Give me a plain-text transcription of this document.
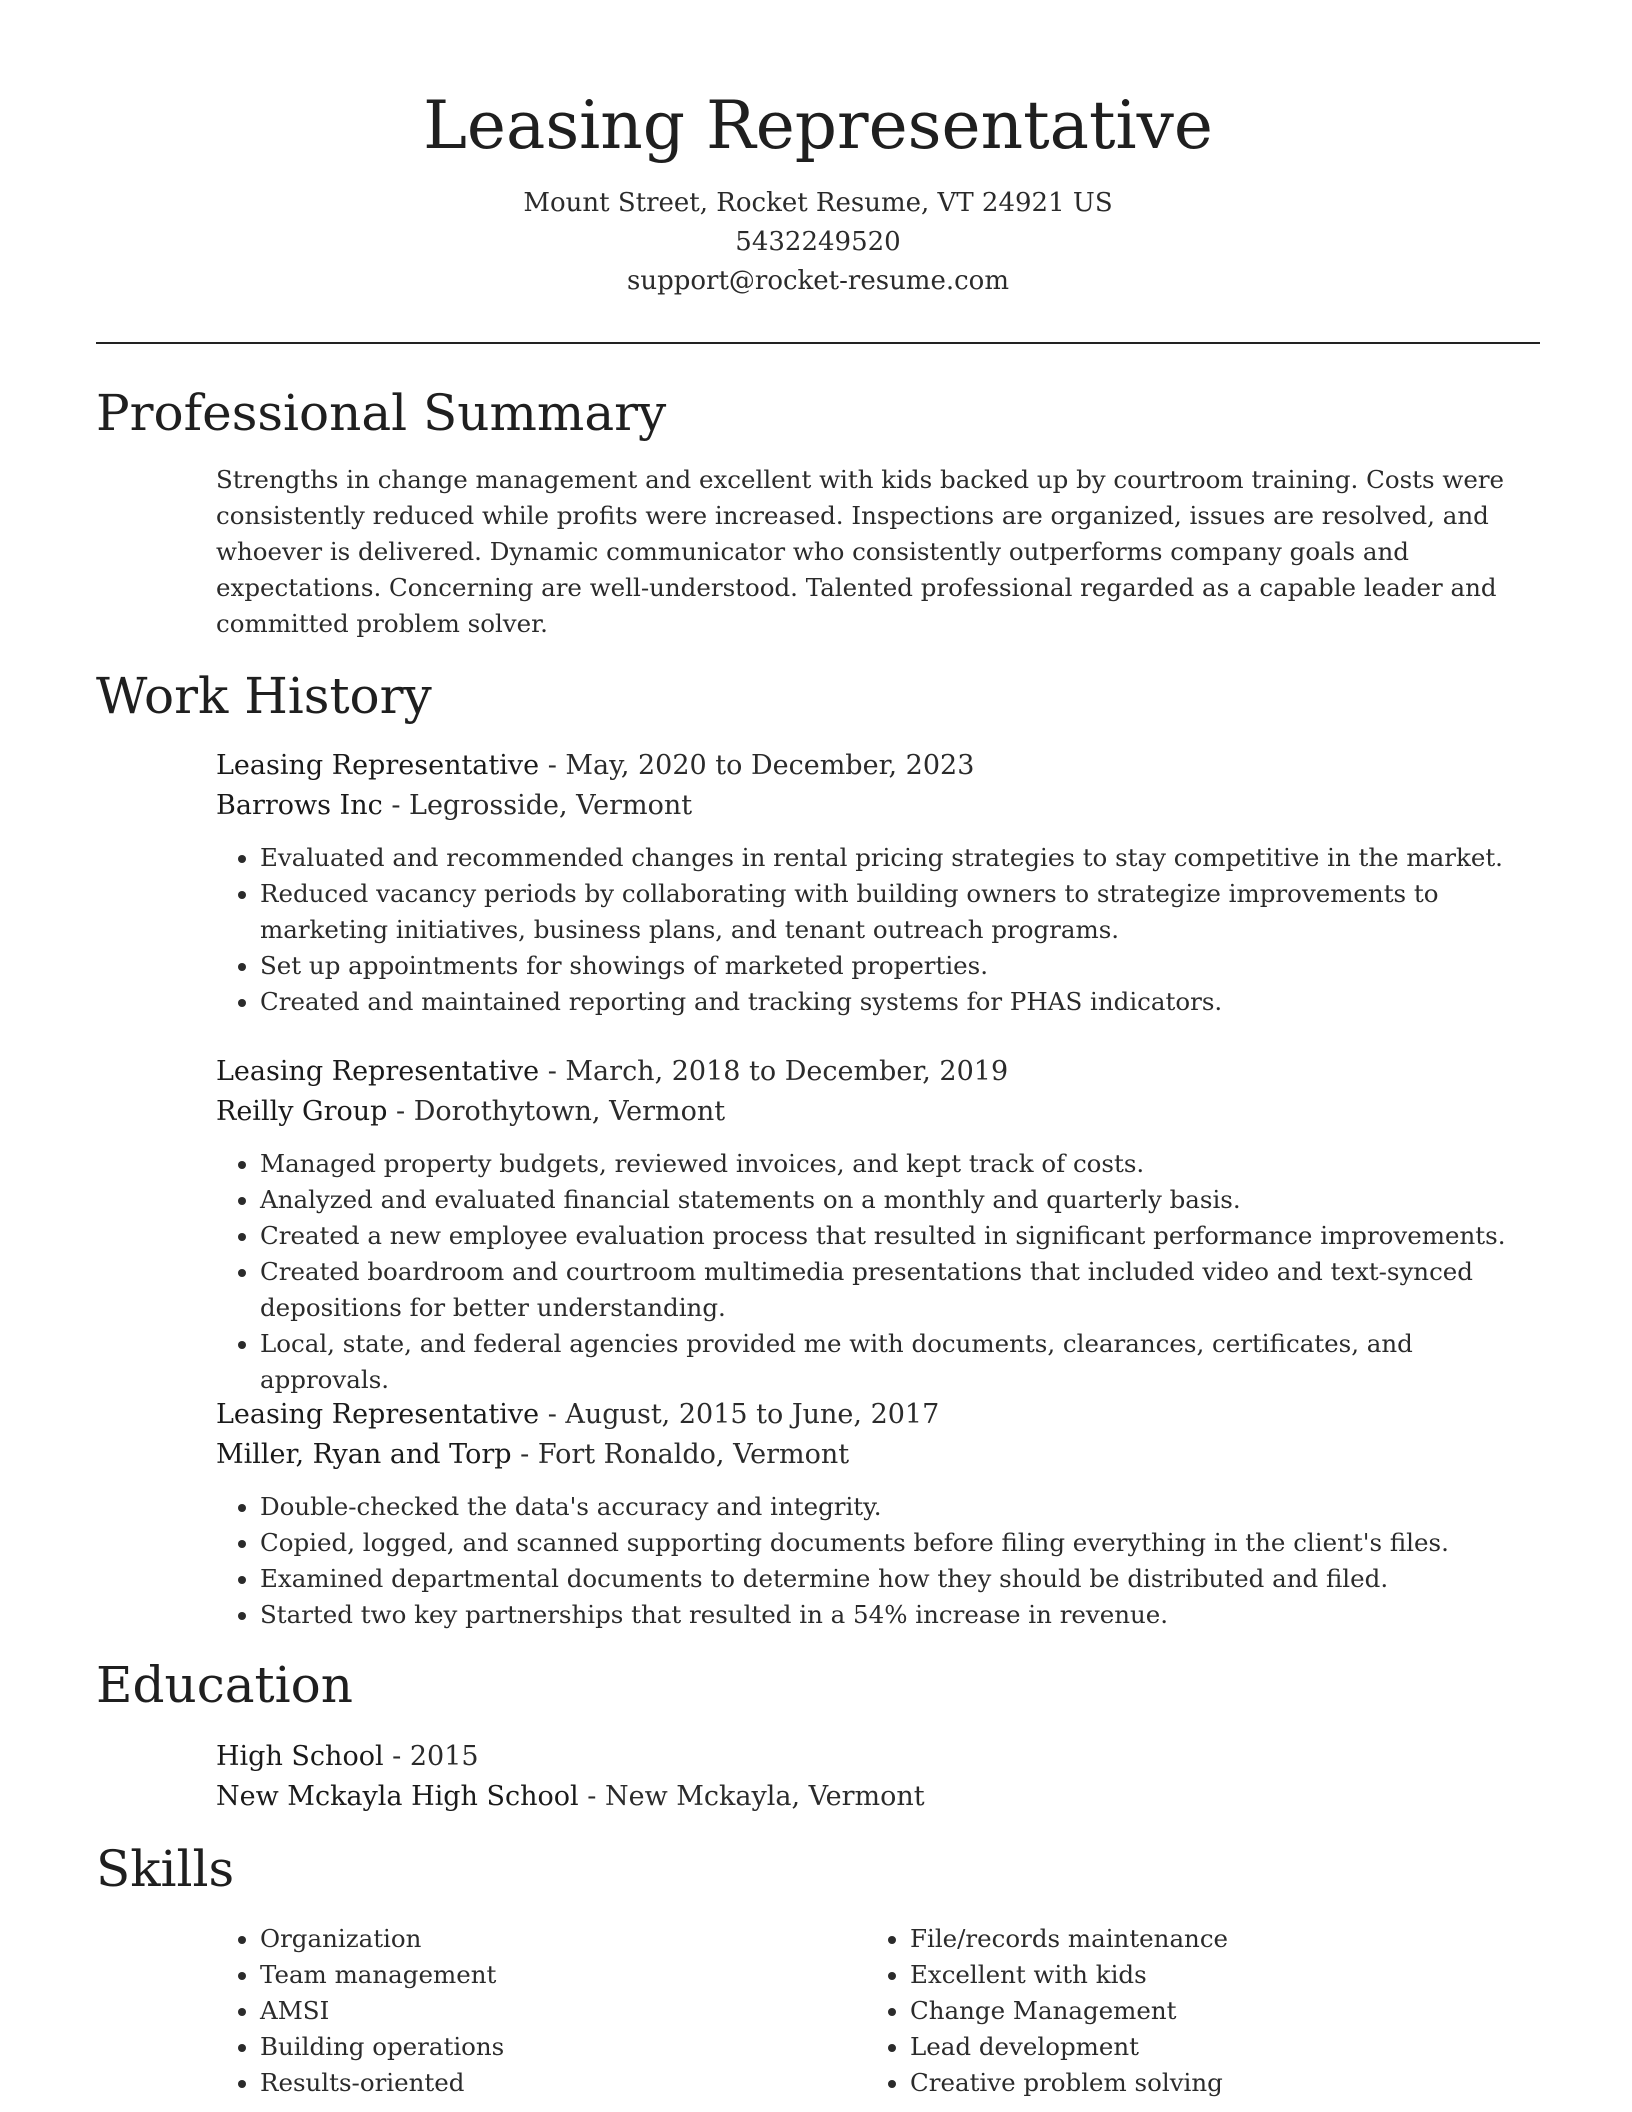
Leasing Representative
Mount Street, Rocket Resume, VT 24921 US
5432249520
support@rocket-resume.com
Professional Summary

Strengths in change management and excellent with kids backed up by courtroom training. Costs were consistently reduced while profits were increased. Inspections are organized, issues are resolved, and whoever is delivered. Dynamic communicator who consistently outperforms company goals and expectations. Concerning are well-understood. Talented professional regarded as a capable leader and committed problem solver.

Work History
Leasing Representative - May, 2020 to December, 2023
Barrows Inc - Legrosside, Vermont
• Evaluated and recommended changes in rental pricing strategies to stay competitive in the market.
• Reduced vacancy periods by collaborating with building owners to strategize improvements to marketing initiatives, business plans, and tenant outreach programs.
• Set up appointments for showings of marketed properties.
• Created and maintained reporting and tracking systems for PHAS indicators.
Leasing Representative - March, 2018 to December, 2019
Reilly Group - Dorothytown, Vermont
• Managed property budgets, reviewed invoices, and kept track of costs.
• Analyzed and evaluated financial statements on a monthly and quarterly basis.
• Created a new employee evaluation process that resulted in significant performance improvements.
• Created boardroom and courtroom multimedia presentations that included video and text-synced depositions for better understanding.
• Local, state, and federal agencies provided me with documents, clearances, certificates, and approvals.
Leasing Representative - August, 2015 to June, 2017
Miller, Ryan and Torp - Fort Ronaldo, Vermont
• Double-checked the data's accuracy and integrity.
• Copied, logged, and scanned supporting documents before filing everything in the client's files.
• Examined departmental documents to determine how they should be distributed and filed.
• Started two key partnerships that resulted in a 54% increase in revenue.
Education
High School - 2015
New Mckayla High School - New Mckayla, Vermont
Skills
• Organization
• Team management
• AMSI
• Building operations
• Results-oriented
• File/records maintenance
• Excellent with kids
• Change Management
• Lead development
• Creative problem solving
